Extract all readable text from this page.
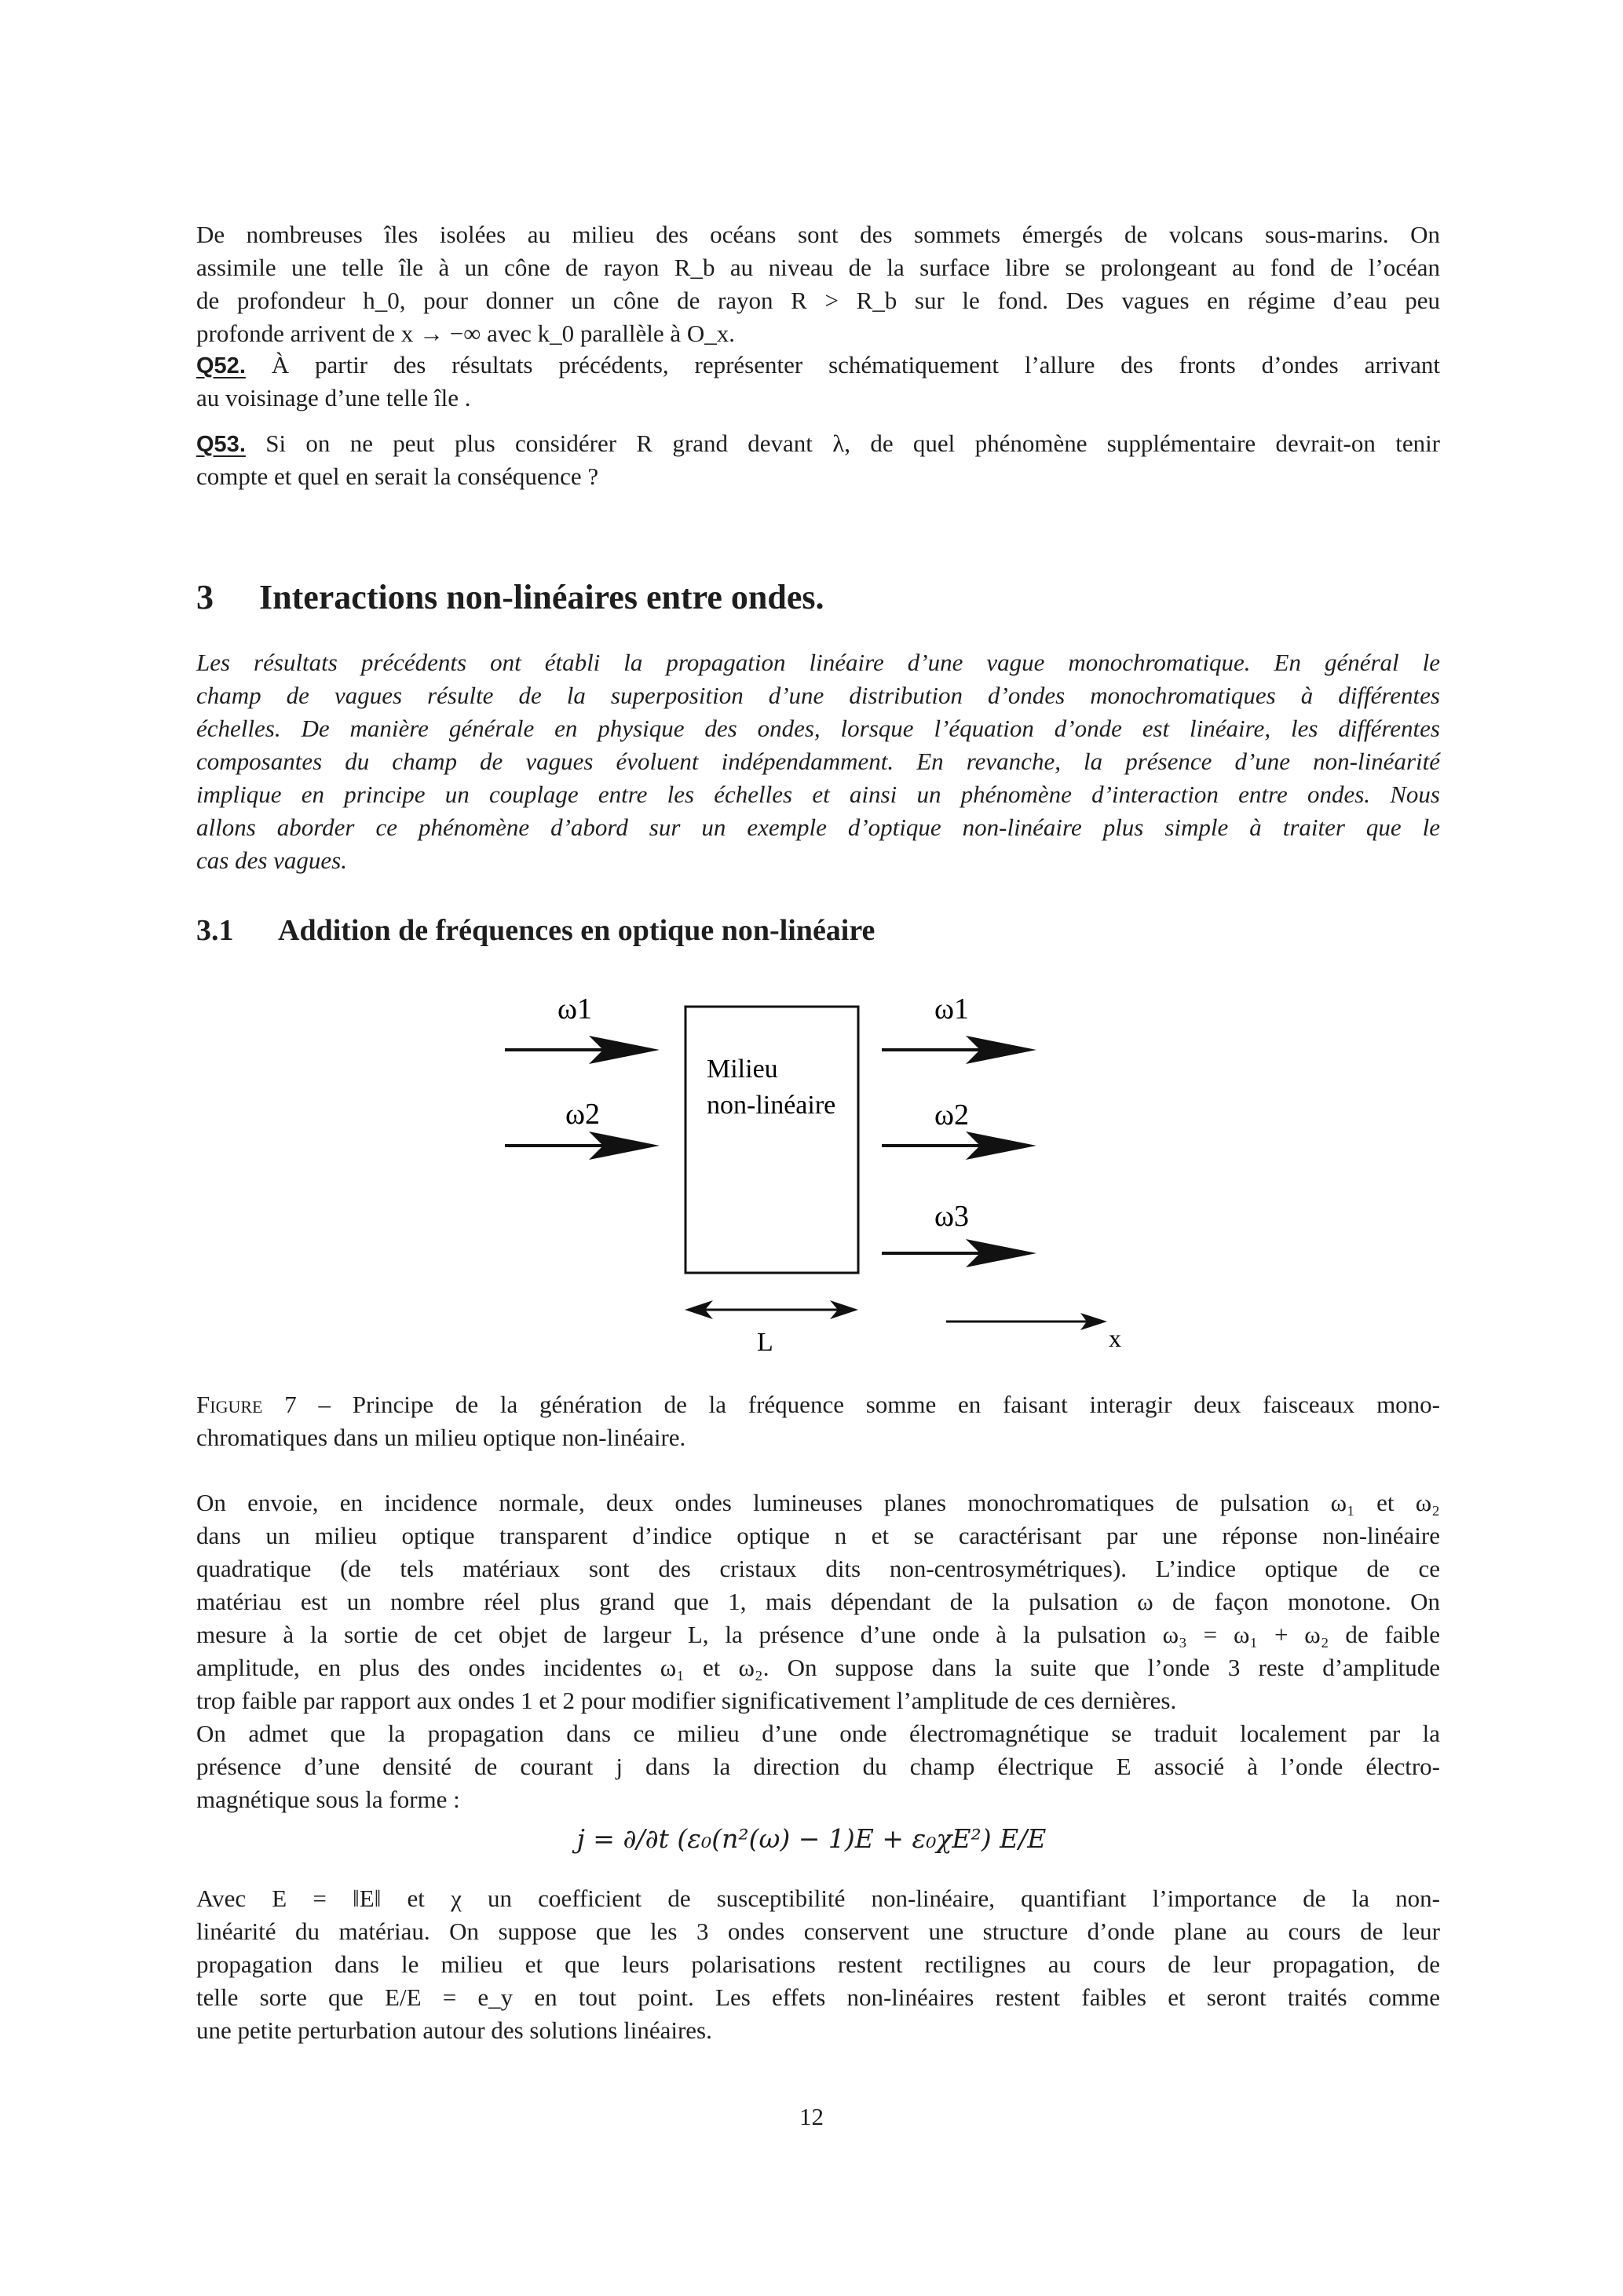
De nombreuses îles isolées au milieu des océans sont des sommets émergés de volcans sous-marins. On
assimile une telle île à un cône de rayon R_b au niveau de la surface libre se prolongeant au fond de l’océan
de profondeur h_0, pour donner un cône de rayon R > R_b sur le fond. Des vagues en régime d’eau peu
profonde arrivent de x → −∞ avec k_0 parallèle à O_x.
Q52. À partir des résultats précédents, représenter schématiquement l’allure des fronts d’ondes arrivant
au voisinage d’une telle île .
Q53. Si on ne peut plus considérer R grand devant λ, de quel phénomène supplémentaire devrait-on tenir
compte et quel en serait la conséquence ?
3 Interactions non-linéaires entre ondes.
Les résultats précédents ont établi la propagation linéaire d’une vague monochromatique. En général le
champ de vagues résulte de la superposition d’une distribution d’ondes monochromatiques à différentes
échelles. De manière générale en physique des ondes, lorsque l’équation d’onde est linéaire, les différentes
composantes du champ de vagues évoluent indépendamment. En revanche, la présence d’une non-linéarité
implique en principe un couplage entre les échelles et ainsi un phénomène d’interaction entre ondes. Nous
allons aborder ce phénomène d’abord sur un exemple d’optique non-linéaire plus simple à traiter que le
cas des vagues.
3.1 Addition de fréquences en optique non-linéaire
ω1
ω2
Milieu
non-linéaire
ω1
ω2
ω3
L	x
Figure 7 – Principe de la génération de la fréquence somme en faisant interagir deux faisceaux mono-
chromatiques dans un milieu optique non-linéaire.
On envoie, en incidence normale, deux ondes lumineuses planes monochromatiques de pulsation ω₁ et ω₂
dans un milieu optique transparent d’indice optique n et se caractérisant par une réponse non-linéaire
quadratique (de tels matériaux sont des cristaux dits non-centrosymétriques). L’indice optique de ce
matériau est un nombre réel plus grand que 1, mais dépendant de la pulsation ω de façon monotone. On
mesure à la sortie de cet objet de largeur L, la présence d’une onde à la pulsation ω₃ = ω₁ + ω₂ de faible
amplitude, en plus des ondes incidentes ω₁ et ω₂. On suppose dans la suite que l’onde 3 reste d’amplitude
trop faible par rapport aux ondes 1 et 2 pour modifier significativement l’amplitude de ces dernières.
On admet que la propagation dans ce milieu d’une onde électromagnétique se traduit localement par la
présence d’une densité de courant j dans la direction du champ électrique E associé à l’onde électro-
magnétique sous la forme :
j = ∂/∂t (ε₀(n²(ω) − 1)E + ε₀χE²) E/E
Avec E = ‖E‖ et χ un coefficient de susceptibilité non-linéaire, quantifiant l’importance de la non-
linéarité du matériau. On suppose que les 3 ondes conservent une structure d’onde plane au cours de leur
propagation dans le milieu et que leurs polarisations restent rectilignes au cours de leur propagation, de
telle sorte que E/E = e_y en tout point. Les effets non-linéaires restent faibles et seront traités comme
une petite perturbation autour des solutions linéaires.
12
